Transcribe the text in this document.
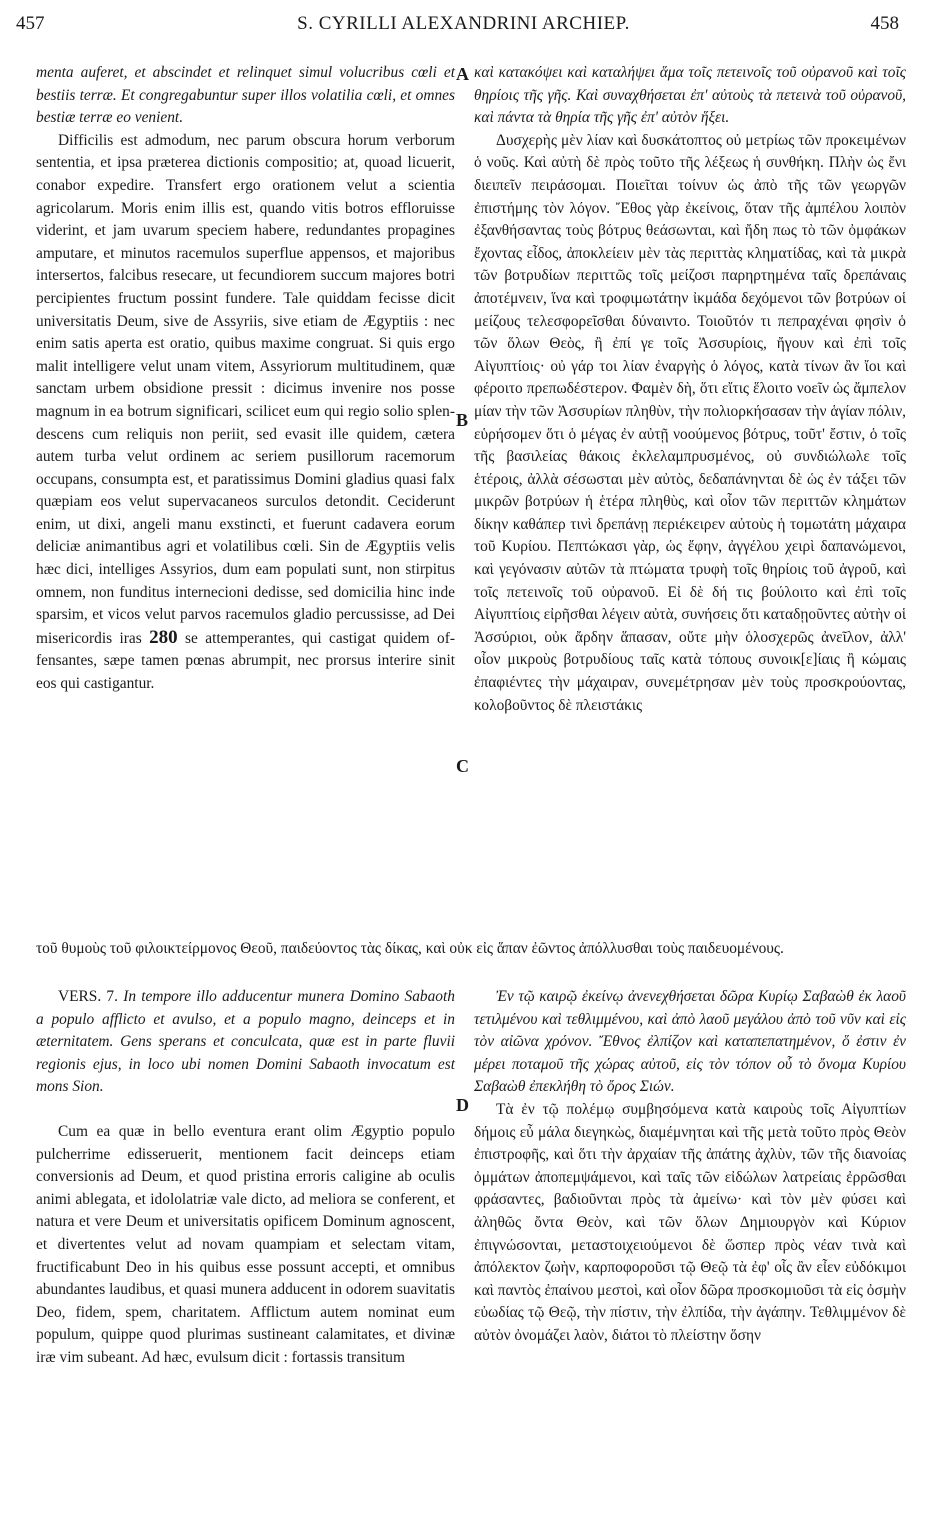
457	S. CYRILLI ALEXANDRINI ARCHIEP.	458
A
B
C
D

menta auferet, et abscindet et relinquet simul volucribus cœli et bestiis terræ. Et congregabuntur super illos volatilia cœli, et omnes bestiæ terræ eo venient.

Difficilis est admodum, nec parum obscura horum verborum sententia, et ipsa præterea dictionis compositio; at, quoad licuerit, conabor expedire. Transfert ergo orationem velut a scientia agricolarum. Moris enim illis est, quando vitis botros effloruisse viderint, et jam uvarum speciem habere, redundantes propagines amputare, et minutos racemulos superflue appensos, et majoribus intersertos, falcibus resecare, ut fecundiorem succum majores botri percipientes fructum possint fundere. Tale quiddam fecisse dicit universitatis Deum, sive de Assyriis, sive etiam de Ægyptiis : nec enim satis aperta est oratio, quibus maxime congruat. Si quis ergo malit intelligere velut unam vitem, Assyriorum multitudinem, quæ sanctam urbem obsidione pressit : dicimus invenire nos posse magnum in ea botrum significari, scilicet eum qui regio solio splendescens cum reliquis non periit, sed evasit ille quidem, cætera autem turba velut ordinem ac seriem pusillorum racemorum occupans, consumpta est, et paratissimus Domini gladius quasi falx quæpiam eos velut supervacaneos surculos detondit. Ceciderunt enim, ut dixi, angeli manu exstincti, et fuerunt cadavera eorum deliciæ animantibus agri et volatilibus cœli. Sin de Ægyptiis velis hæc dici, intelliges Assyrios, dum eam populati sunt, non stirpitus omnem, non funditus internecioni dedisse, sed domicilia hinc inde sparsim, et vicos velut parvos racemulos gladio percussisse, ad Dei misericordis iras 280 se attemperantes, qui castigat quidem offensantes, sæpe tamen pœnas abrumpit, nec prorsus interire sinit eos qui castigantur.

καὶ κατακόψει καὶ καταλήψει ἅμα τοῖς πετεινοῖς τοῦ οὐρανοῦ καὶ τοῖς θηρίοις τῆς γῆς. Καὶ συναχθήσεται ἐπ' αὐτοὺς τὰ πετεινὰ τοῦ οὐρανοῦ, καὶ πάντα τὰ θηρία τῆς γῆς ἐπ' αὐτὸν ἥξει.

Δυσχερὴς μὲν λίαν καὶ δυσκάτοπτος οὐ μετρίως τῶν προκειμένων ὁ νοῦς. Καὶ αὐτὴ δὲ πρὸς τοῦτο τῆς λέξεως ἡ συνθήκη. Πλὴν ὡς ἔνι διειπεῖν πειράσομαι. Ποιεῖται τοίνυν ὡς ἀπὸ τῆς τῶν γεωργῶν ἐπιστήμης τὸν λόγον. Ἔθος γὰρ ἐκείνοις, ὅταν τῆς ἀμπέλου λοιπὸν ἐξανθήσαντας τοὺς βότρυς θεάσωνται, καὶ ἤδη πως τὸ τῶν ὀμφάκων ἔχοντας εἶδος, ἀποκλείειν μὲν τὰς περιττὰς κληματίδας, καὶ τὰ μικρὰ τῶν βοτρυδίων περιττῶς τοῖς μείζοσι παρηρτημένα ταῖς δρεπάναις ἀποτέμνειν, ἵνα καὶ τροφιμωτάτην ἰκμάδα δεχόμενοι τῶν βοτρύων οἱ μείζους τελεσφορεῖσθαι δύναιντο. Τοιοῦτόν τι πεπραχέναι φησὶν ὁ τῶν ὅλων Θεὸς, ἢ ἐπί γε τοῖς Ἀσσυρίοις, ἤγουν καὶ ἐπὶ τοῖς Αἰγυπτίοις· οὐ γάρ τοι λίαν ἐναργὴς ὁ λόγος, κατὰ τίνων ἂν ἴοι καὶ φέροιτο πρεπωδέστερον. Φαμὲν δὴ, ὅτι εἴτις ἕλοιτο νοεῖν ὡς ἄμπελον μίαν τὴν τῶν Ἀσσυρίων πληθὺν, τὴν πολιορκήσασαν τὴν ἁγίαν πόλιν, εὑρήσομεν ὅτι ὁ μέγας ἐν αὐτῇ νοούμενος βότρυς, τοῦτ' ἔστιν, ὁ τοῖς τῆς βασιλείας θάκοις ἐκλελαμπρυσμένος, οὐ συνδιώλωλε τοῖς ἑτέροις, ἀλλὰ σέσωσται μὲν αὐτὸς, δεδαπάνηνται δὲ ὡς ἐν τάξει τῶν μικρῶν βοτρύων ἡ ἑτέρα πληθὺς, καὶ οἷον τῶν περιττῶν κλημάτων δίκην καθάπερ τινὶ δρεπάνῃ περιέκειρεν αὐτοὺς ἡ τομωτάτη μάχαιρα τοῦ Κυρίου. Πεπτώκασι γὰρ, ὡς ἔφην, ἀγγέλου χειρὶ δαπανώμενοι, καὶ γεγόνασιν αὐτῶν τὰ πτώματα τρυφὴ τοῖς θηρίοις τοῦ ἀγροῦ, καὶ τοῖς πετεινοῖς τοῦ οὐρανοῦ. Εἰ δὲ δή τις βούλοιτο καὶ ἐπὶ τοῖς Αἰγυπτίοις εἰρῆσθαι λέγειν αὐτὰ, συνήσεις ὅτι καταδῃοῦντες αὐτὴν οἱ Ἀσσύριοι, οὐκ ἄρδην ἅπασαν, οὔτε μὴν ὁλοσχερῶς ἀνεῖλον, ἀλλ' οἷον μικροὺς βοτρυδίους ταῖς κατὰ τόπους συνοικ[ε]ίαις ἢ κώμαις ἐπαφιέντες τὴν μάχαιραν, συνεμέτρησαν μὲν τοὺς προσκρούοντας, κολοβοῦντος δὲ πλειστάκις

τοῦ θυμοὺς τοῦ φιλοικτείρμονος Θεοῦ, παιδεύοντος τὰς δίκας, καὶ οὐκ εἰς ἅπαν ἐῶντος ἀπόλλυσθαι τοὺς παιδευομένους.

VERS. 7. In tempore illo adducentur munera Domino Sabaoth a populo afflicto et avulso, et a populo magno, deinceps et in æternitatem. Gens sperans et conculcata, quæ est in parte fluvii regionis ejus, in loco ubi nomen Domini Sabaoth invocatum est mons Sion.

Cum ea quæ in bello eventura erant olim Ægyptio populo pulcherrime edisseruerit, mentionem facit deinceps etiam conversionis ad Deum, et quod pristina erroris caligine ab oculis animi ablegata, et idololatriæ vale dicto, ad meliora se conferent, et natura et vere Deum et universitatis opificem Dominum agnoscent, et divertentes velut ad novam quampiam et selectam vitam, fructificabunt Deo in his quibus esse possunt accepti, et omnibus abundantes laudibus, et quasi munera adducent in odorem suavitatis Deo, fidem, spem, charitatem. Afflictum autem nominat eum populum, quippe quod plurimas sustineant calamitates, et divinæ iræ vim subeant. Ad hæc, evulsum dicit : fortassis transitum

Ἐν τῷ καιρῷ ἐκείνῳ ἀνενεχθήσεται δῶρα Κυρίῳ Σαβαὼθ ἐκ λαοῦ τετιλμένου καὶ τεθλιμμένου, καὶ ἀπὸ λαοῦ μεγάλου ἀπὸ τοῦ νῦν καὶ εἰς τὸν αἰῶνα χρόνον. Ἔθνος ἐλπίζον καὶ καταπεπατημένον, ὅ ἐστιν ἐν μέρει ποταμοῦ τῆς χώρας αὐτοῦ, εἰς τὸν τόπον οὗ τὸ ὄνομα Κυρίου Σαβαὼθ ἐπεκλήθη τὸ ὄρος Σιών.

Τὰ ἐν τῷ πολέμῳ συμβησόμενα κατὰ καιροὺς τοῖς Αἰγυπτίων δήμοις εὖ μάλα διεγηκὼς, διαμέμνηται καὶ τῆς μετὰ τοῦτο πρὸς Θεὸν ἐπιστροφῆς, καὶ ὅτι τὴν ἀρχαίαν τῆς ἀπάτης ἀχλὺν, τῶν τῆς διανοίας ὀμμάτων ἀποπεμψάμενοι, καὶ ταῖς τῶν εἰδώλων λατρείαις ἐρρῶσθαι φράσαντες, βαδιοῦνται πρὸς τὰ ἀμείνω· καὶ τὸν μὲν φύσει καὶ ἀληθῶς ὄντα Θεὸν, καὶ τῶν ὅλων Δημιουργὸν καὶ Κύριον ἐπιγνώσονται, μεταστοιχειούμενοι δὲ ὥσπερ πρὸς νέαν τινὰ καὶ ἀπόλεκτον ζωὴν, καρποφοροῦσι τῷ Θεῷ τὰ ἐφ' οἷς ἂν εἶεν εὐδόκιμοι καὶ παντὸς ἐπαίνου μεστοὶ, καὶ οἷον δῶρα προσκομιοῦσι τὰ εἰς ὀσμὴν εὐωδίας τῷ Θεῷ, τὴν πίστιν, τὴν ἐλπίδα, τὴν ἀγάπην. Τεθλιμμένον δὲ αὐτὸν ὀνομάζει λαὸν, διάτοι τὸ πλείστην ὅσην
